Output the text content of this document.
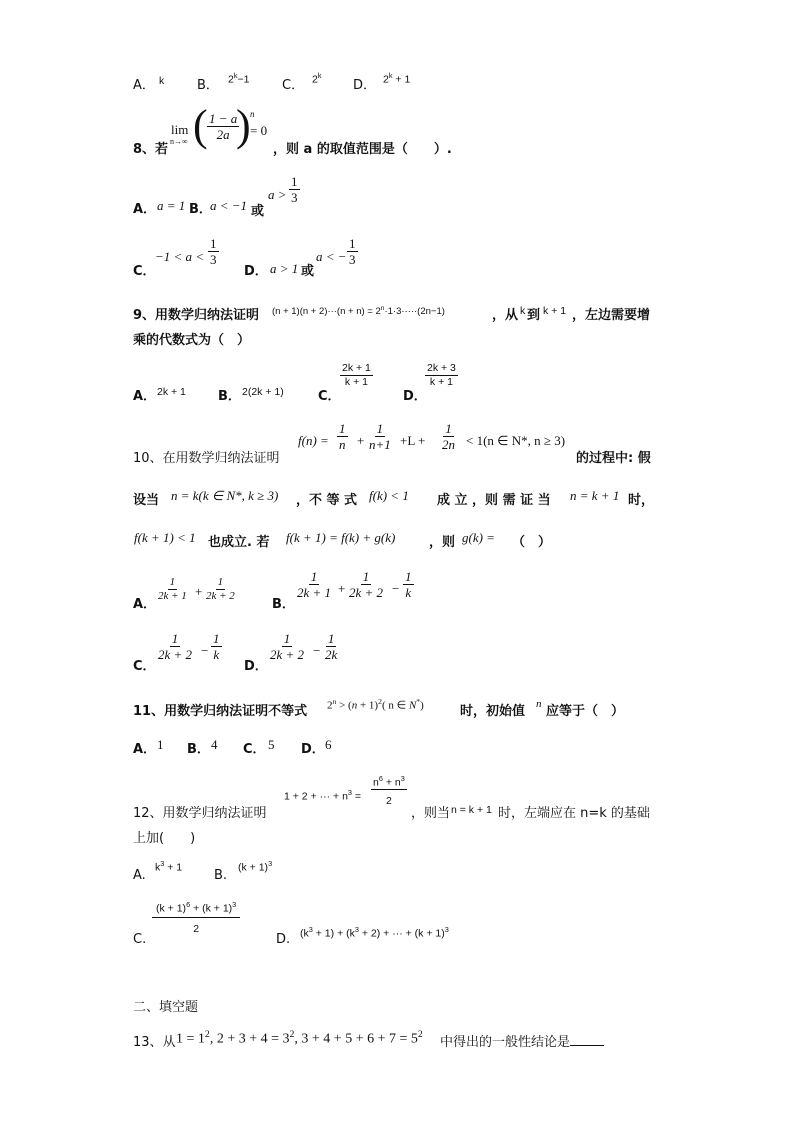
A． $^k$	B． $2^k-1$	C． 2$^k$
D． $2^k + 1$
8、若
lim
n→∞ ( $\frac{1 - a}{2a}$
) n
= 0
，则 a 的取值范围是（　　）.
A． a = 1 B．
a < −1 或
$a > \frac{1}{3}$
C．
$-1 < a < \frac{1}{3}$
D． a > 1 或
a < − $\frac{1}{3}$
9、用数学归纳法证明 $(n + 1)(n + 2)\cdot\cdot\cdot(n + n) = 2^n\cdot 1\cdot 3\cdot\cdot\cdot\cdot\cdot(2n-1)$	，从 k 到 k + 1 ，左边需要增
乘的代数式为（　）
A． 2k + 1 B． 2(2k + 1)	C．
$\frac{2k + 1}{k + 1}$
D．
$\frac{2k + 3}{k + 1}$
10、在用数学归纳法证明
$f(n) = \frac{1}{n} + \frac{1}{n+1} +L + \frac{1}{2n} < 1(n$ ∈ N*, n ≥ 3)
的过程中: 假
设当 n = k(k ∈ N*, k ≥ 3) ，不 等 式 f(k) < 1 成 立 ，则 需 证 当 n = k + 1 时，
f(k + 1) < 1 也成立. 若 f(k + 1) = f(k) + g(k)	，则 g(k) = （　）
A．
$\frac{1}{2k + 1} + \frac{1}{2k + 2}$
B．
$\frac{1}{2k + 1} + \frac{1}{2k + 2} - \frac{1}{k}$
C．
$\frac{1}{2k + 2} - \frac{1}{k}$
D．
$\frac{1}{2k + 2} - \frac{1}{2k}$
11、用数学归纳法证明不等式 $2^n > (n + 1)^2$( n ∈ N*)	时，初始值 n 应等于（　）
A． 1 B． 4 C． 5 D． 6
12、用数学归纳法证明
1 + 2 + ··· + $n^3 = \frac{n^6 + n^3}{2}$
，则当 n = k + 1 时，左端应在 n=k 的基础
上加(　　)
A.
$k^3 + 1$
B.
$(k + 1)^3$
C.
$\frac{(k + 1)^6 + (k + 1)^3}{2}$
D. $(k^3 + 1) + (k^3 + 2)$ + ··· + $(k + 1)^3$
二、填空题
13、从 $1 = 1^2$, $2 + 3 + 4 = 3^2$, $3 + 4 + 5 + 6 + 7 = 5^2$
中得出的一般性结论是
